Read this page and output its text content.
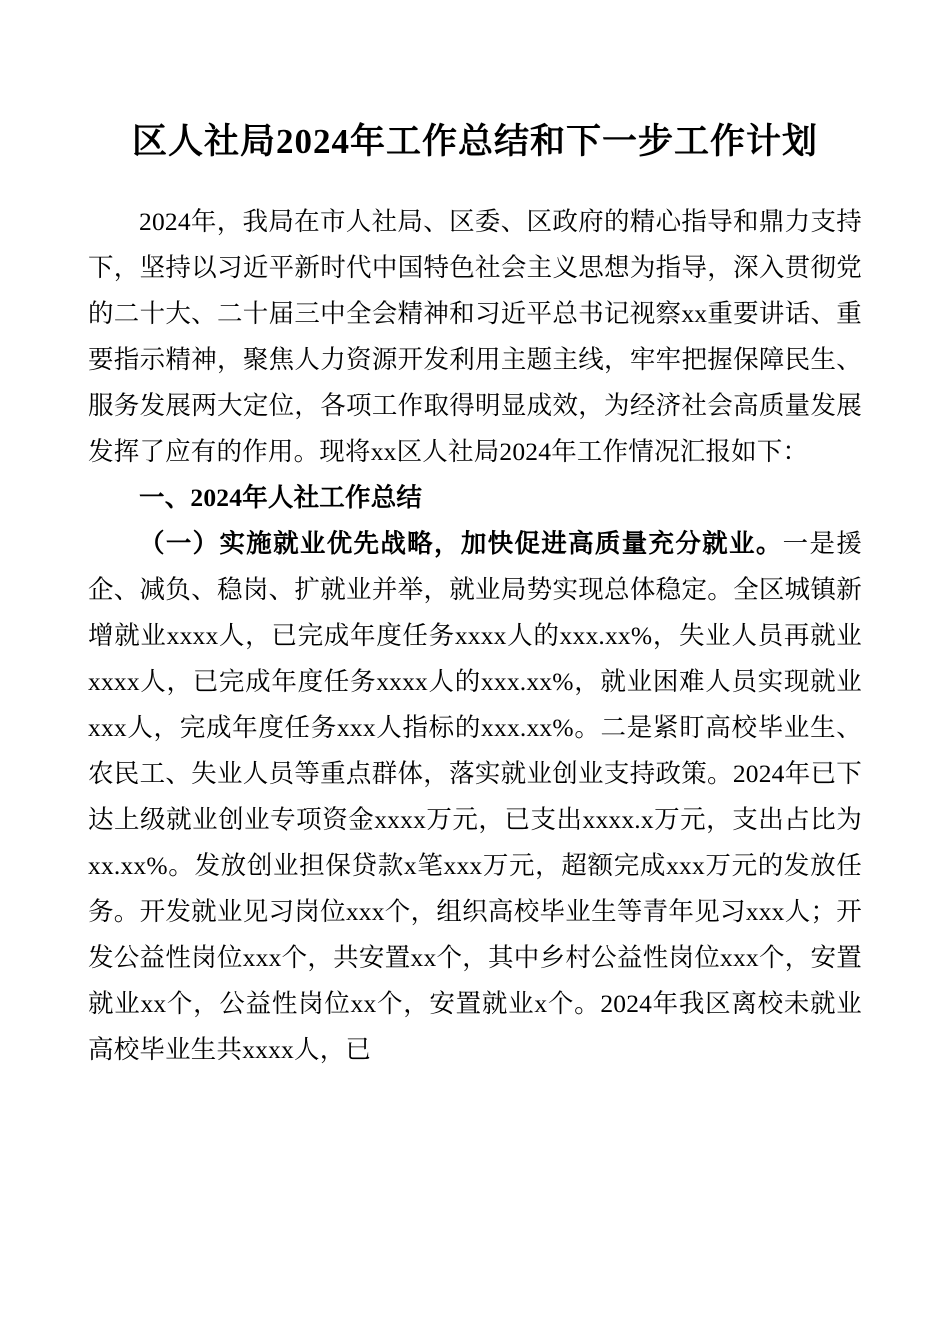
区人社局2024年工作总结和下一步工作计划

2024年，我局在市人社局、区委、区政府的精心指导和鼎力支持下，坚持以习近平新时代中国特色社会主义思想为指导，深入贯彻党的二十大、二十届三中全会精神和习近平总书记视察xx重要讲话、重要指示精神，聚焦人力资源开发利用主题主线，牢牢把握保障民生、服务发展两大定位，各项工作取得明显成效，为经济社会高质量发展发挥了应有的作用。现将xx区人社局2024年工作情况汇报如下：

一、2024年人社工作总结

（一）实施就业优先战略，加快促进高质量充分就业。一是援企、减负、稳岗、扩就业并举，就业局势实现总体稳定。全区城镇新增就业xxxx人，已完成年度任务xxxx人的xxx.xx%，失业人员再就业xxxx人，已完成年度任务xxxx人的xxx.xx%，就业困难人员实现就业xxx人，完成年度任务xxx人指标的xxx.xx%。二是紧盯高校毕业生、农民工、失业人员等重点群体，落实就业创业支持政策。2024年已下达上级就业创业专项资金xxxx万元，已支出xxxx.x万元，支出占比为xx.xx%。发放创业担保贷款x笔xxx万元，超额完成xxx万元的发放任务。开发就业见习岗位xxx个，组织高校毕业生等青年见习xxx人；开发公益性岗位xxx个，共安置xx个，其中乡村公益性岗位xxx个，安置就业xx个，公益性岗位xx个，安置就业x个。2024年我区离校未就业高校毕业生共xxxx人，已
